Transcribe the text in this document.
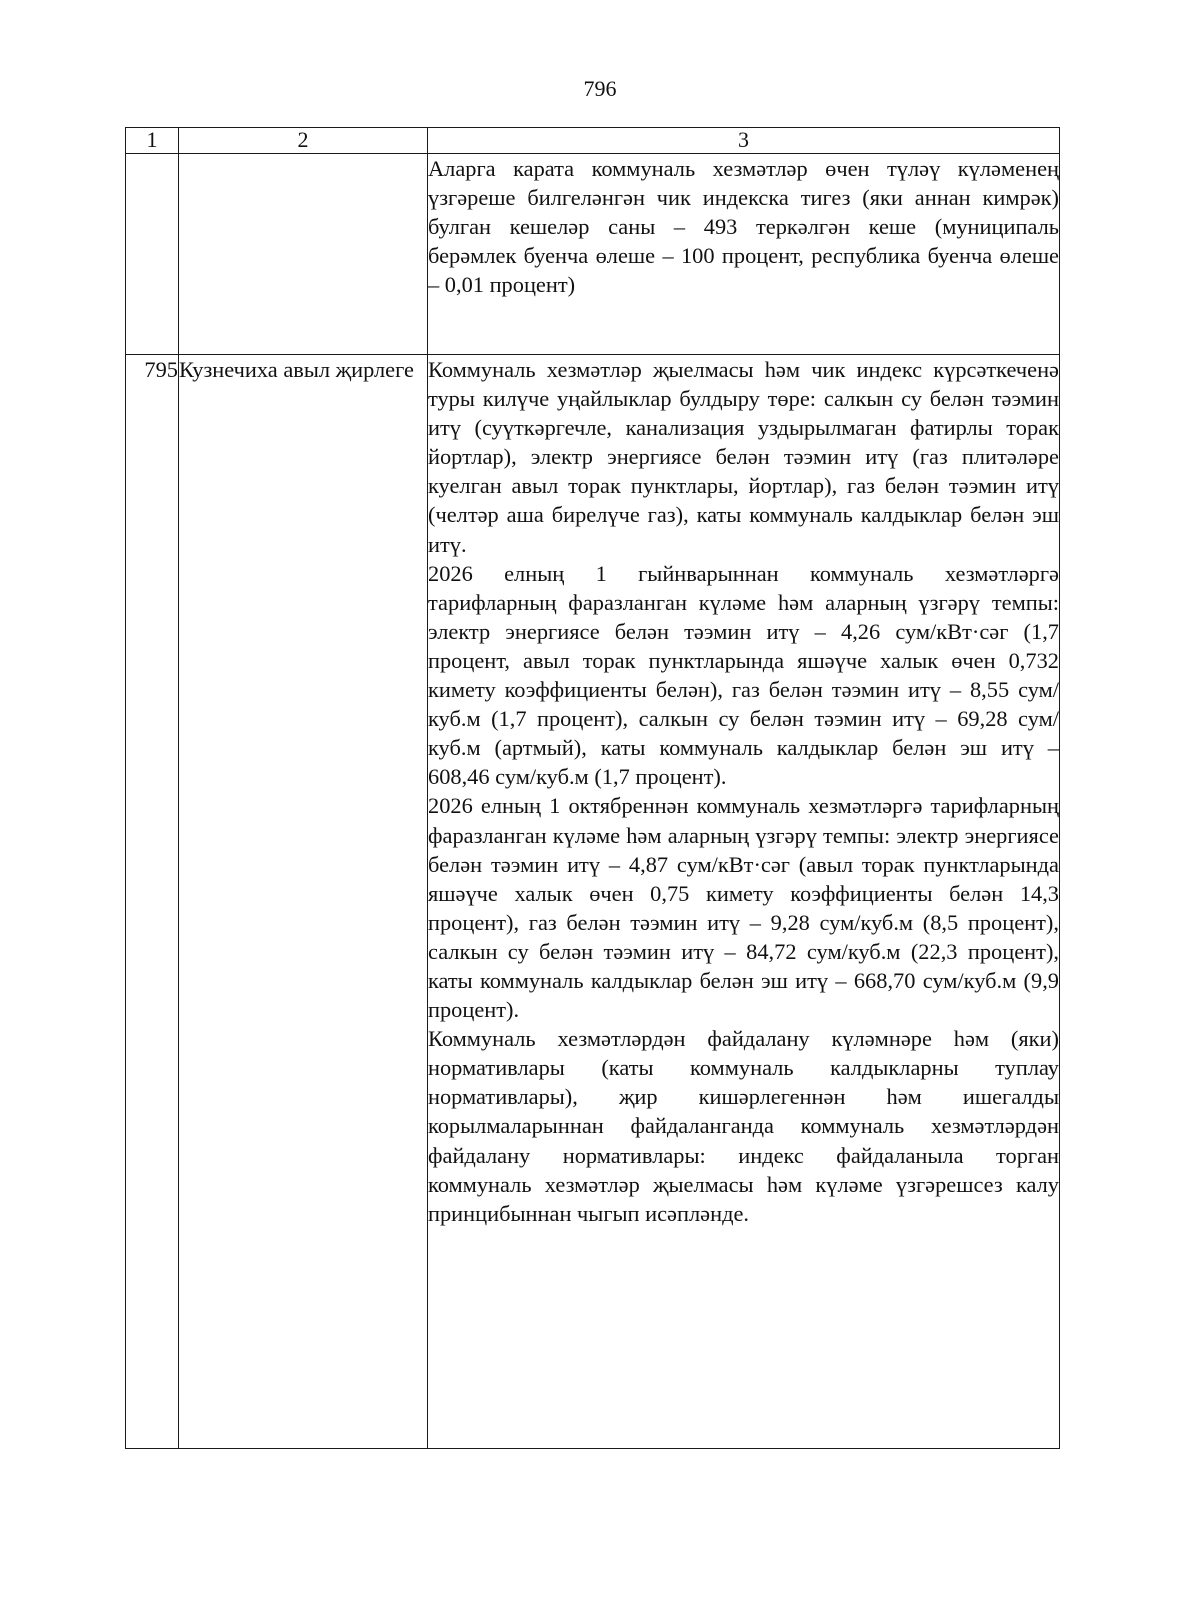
796
1	2	3

		Аларга карата коммуналь хезмәтләр өчен түләү күләменең үзгәреше билгеләнгән чик индекска тигез (яки аннан кимрәк) булган кешеләр саны – 493 теркәлгән кеше (муниципаль берәмлек буенча өлеше – 100 процент, республика буенча өлеше – 0,01 процент)

795	Кузнечиха авыл җирлеге	Коммуналь хезмәтләр җыелмасы һәм чик индекс күрсәткеченә туры килүче уңайлыклар булдыру төре: салкын су белән тәэмин итү (суүткәргечле, канализация уздырылмаган фатирлы торак йортлар), электр энергиясе белән тәэмин итү (газ плитәләре куелган авыл торак пунктлары, йортлар), газ белән тәэмин итү (челтәр аша бирелүче газ), каты коммуналь калдыклар белән эш итү.

2026 елның 1 гыйнварыннан коммуналь хезмәтләргә тарифларның фаразланган күләме һәм аларның үзгәрү темпы: электр энергиясе белән тәэмин итү – 4,26 сум/кВт·сәг (1,7 процент, авыл торак пунктларында яшәүче халык өчен 0,732 кимету коэффициенты белән), газ белән тәэмин итү – 8,55 сум/куб.м (1,7 процент), салкын су белән тәэмин итү – 69,28 сум/куб.м (артмый), каты коммуналь калдыклар белән эш итү – 608,46 сум/куб.м (1,7 процент).

2026 елның 1 октябреннән коммуналь хезмәтләргә тарифларның фаразланган күләме һәм аларның үзгәрү темпы: электр энергиясе белән тәэмин итү – 4,87 сум/кВт·сәг (авыл торак пунктларында яшәүче халык өчен 0,75 кимету коэффициенты белән 14,3 процент), газ белән тәэмин итү – 9,28 сум/куб.м (8,5 процент), салкын су белән тәэмин итү – 84,72 сум/куб.м (22,3 процент), каты коммуналь калдыклар белән эш итү – 668,70 сум/куб.м (9,9 процент).

Коммуналь хезмәтләрдән файдалану күләмнәре һәм (яки) нормативлары (каты коммуналь калдыкларны туплау нормативлары), җир кишәрлегеннән һәм ишегалды корылмаларыннан файдаланганда коммуналь хезмәтләрдән файдалану нормативлары: индекс файдаланыла торган коммуналь хезмәтләр җыелмасы һәм күләме үзгәрешсез калу принцибыннан чыгып исәпләнде.
